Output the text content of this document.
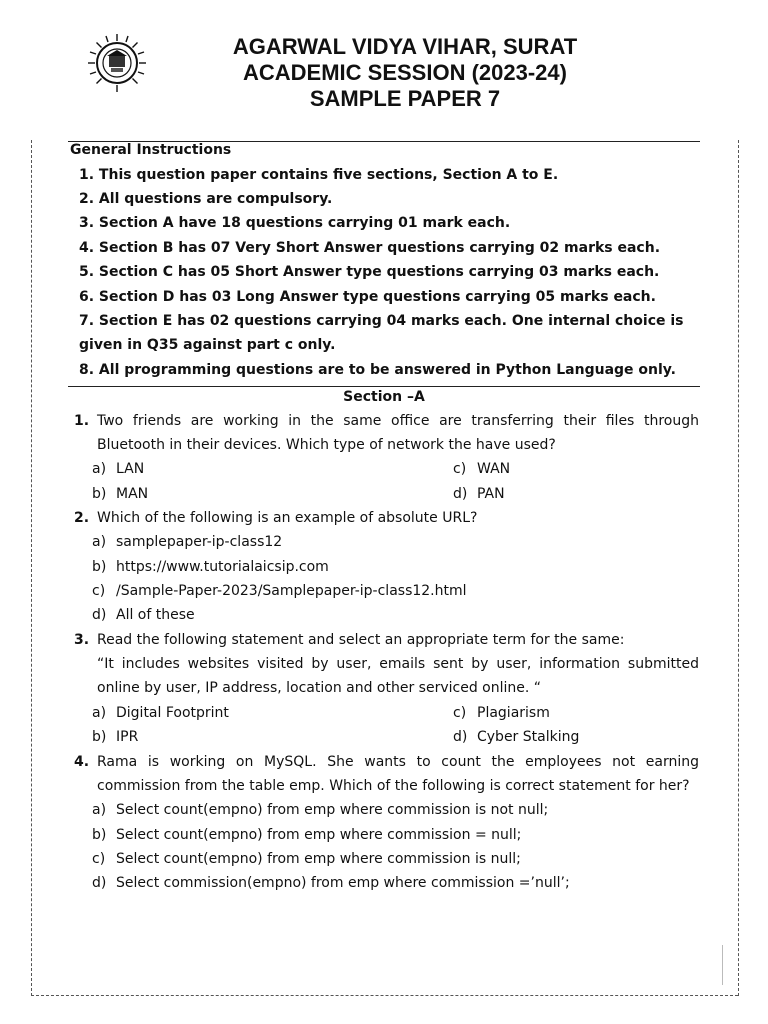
AGARWAL VIDYA VIHAR, SURAT
ACADEMIC SESSION (2023-24)
SAMPLE PAPER 7
General Instructions
1. This question paper contains five sections, Section A to E.
2. All questions are compulsory.
3. Section A have 18 questions carrying 01 mark each.
4. Section B has 07 Very Short Answer questions carrying 02 marks each.
5. Section C has 05 Short Answer type questions carrying 03 marks each.
6. Section D has 03 Long Answer type questions carrying 05 marks each.
7. Section E has 02 questions carrying 04 marks each. One internal choice is
given in Q35 against part c only.
8. All programming questions are to be answered in Python Language only.
Section –A
1. Two friends are working in the same office are transferring their files through
Bluetooth in their devices. Which type of network the have used?
a) LAN	c) WAN
b) MAN	d) PAN
2. Which of the following is an example of absolute URL?
a) samplepaper-ip-class12
b) https://www.tutorialaicsip.com
c) /Sample-Paper-2023/Samplepaper-ip-class12.html
d) All of these
3. Read the following statement and select an appropriate term for the same:
“It includes websites visited by user, emails sent by user, information submitted
online by user, IP address, location and other serviced online. “
a) Digital Footprint	c) Plagiarism
b) IPR	d) Cyber Stalking
4. Rama is working on MySQL. She wants to count the employees not earning
commission from the table emp. Which of the following is correct statement for her?
a) Select count(empno) from emp where commission is not null;
b) Select count(empno) from emp where commission = null;
c) Select count(empno) from emp where commission is null;
d) Select commission(empno) from emp where commission =’null’;
